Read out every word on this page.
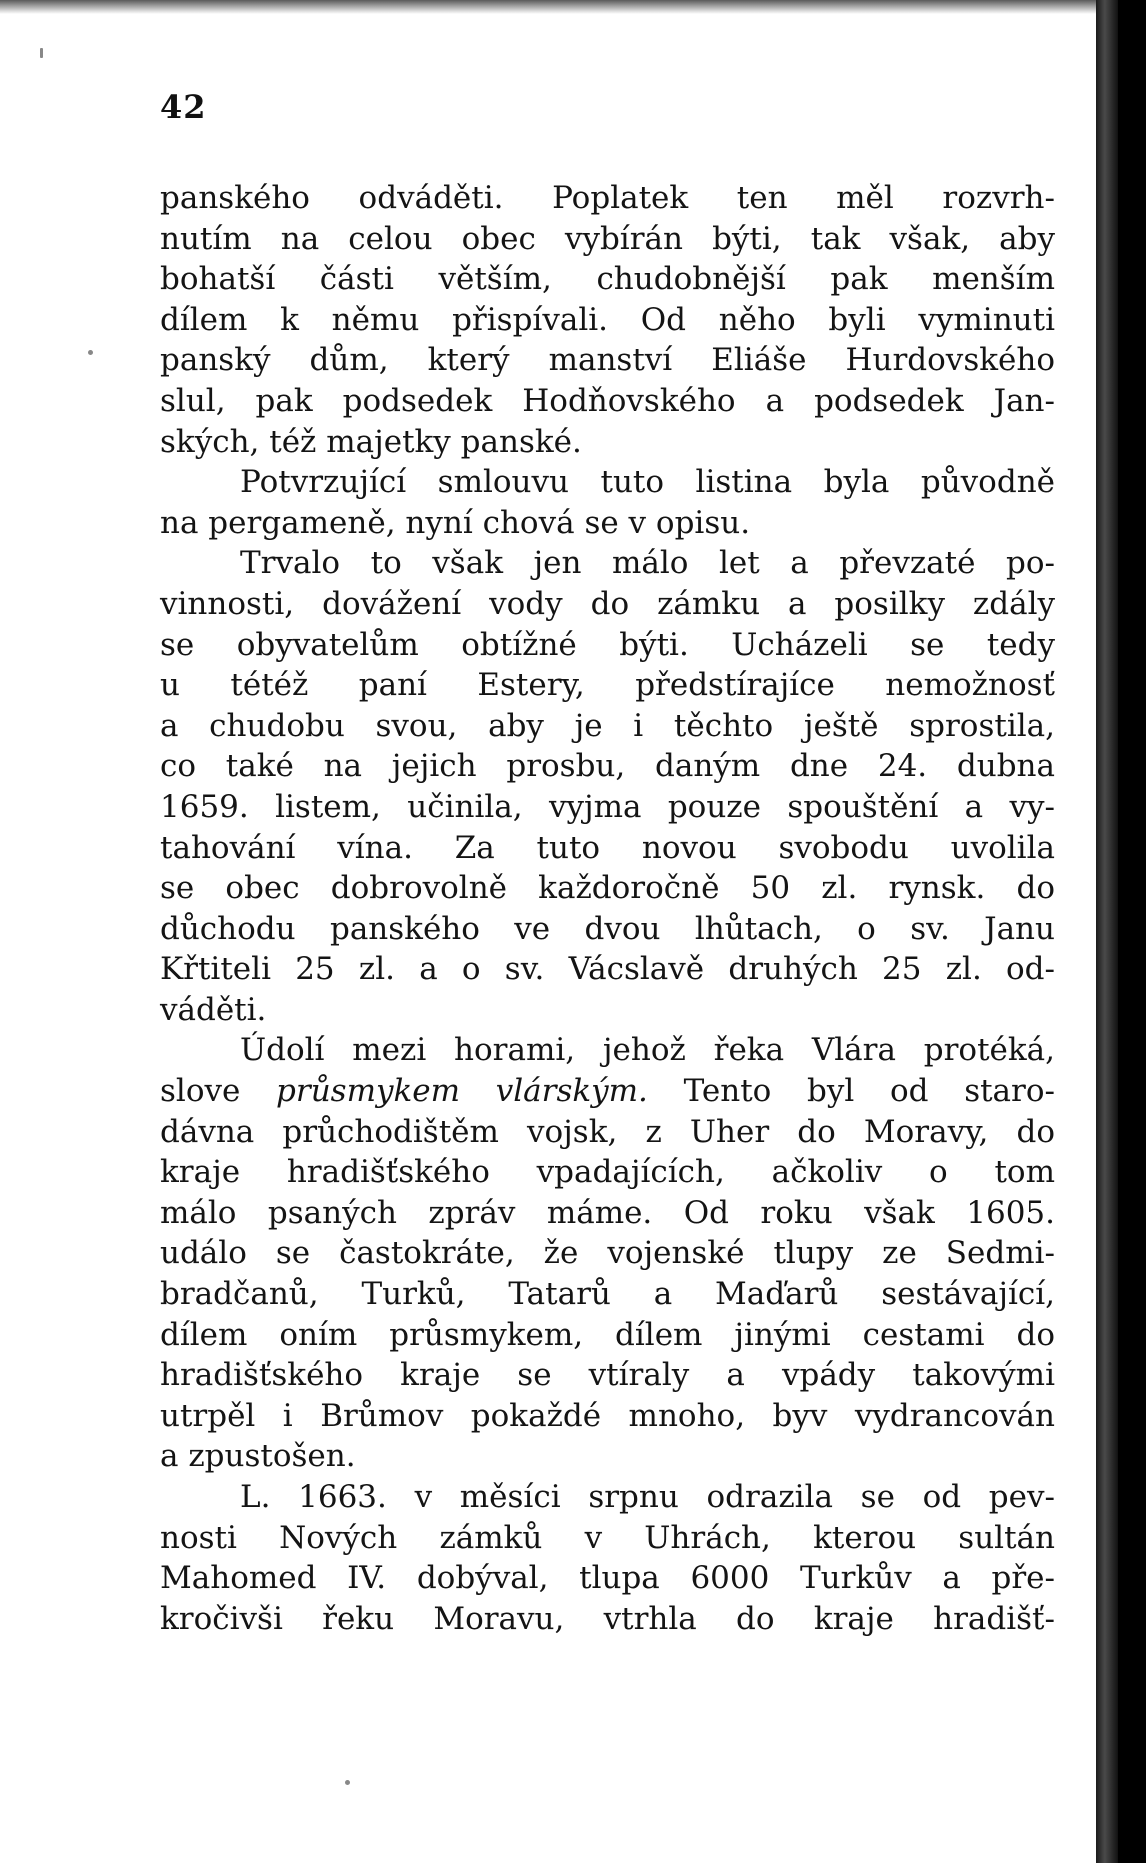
42
panského odváděti. Poplatek ten měl rozvrh-
nutím na celou obec vybírán býti, tak však, aby
bohatší části větším, chudobnější pak menším
dílem k němu přispívali. Od něho byli vyminuti
panský dům, který manství Eliáše Hurdovského
slul, pak podsedek Hodňovského a podsedek Jan-
ských, též majetky panské.
Potvrzující smlouvu tuto listina byla původně
na pergameně, nyní chová se v opisu.
Trvalo to však jen málo let a převzaté po-
vinnosti, dovážení vody do zámku a posilky zdály
se obyvatelům obtížné býti. Ucházeli se tedy
u tétéž paní Estery, předstírajíce nemožnosť
a chudobu svou, aby je i těchto ještě sprostila,
co také na jejich prosbu, daným dne 24. dubna
1659. listem, učinila, vyjma pouze spouštění a vy-
tahování vína. Za tuto novou svobodu uvolila
se obec dobrovolně každoročně 50 zl. rynsk. do
důchodu panského ve dvou lhůtach, o sv. Janu
Křtiteli 25 zl. a o sv. Vácslavě druhých 25 zl. od-
váděti.
Údolí mezi horami, jehož řeka Vlára protéká,
slove průsmykem vlárským. Tento byl od staro-
dávna průchodištěm vojsk, z Uher do Moravy, do
kraje hradišťského vpadajících, ačkoliv o tom
málo psaných zpráv máme. Od roku však 1605.
událo se častokráte, že vojenské tlupy ze Sedmi-
bradčanů, Turků, Tatarů a Maďarů sestávající,
dílem oním průsmykem, dílem jinými cestami do
hradišťského kraje se vtíraly a vpády takovými
utrpěl i Brůmov pokaždé mnoho, byv vydrancován
a zpustošen.
L. 1663. v měsíci srpnu odrazila se od pev-
nosti Nových zámků v Uhrách, kterou sultán
Mahomed IV. dobýval, tlupa 6000 Turkův a pře-
kročivši řeku Moravu, vtrhla do kraje hradišť-
